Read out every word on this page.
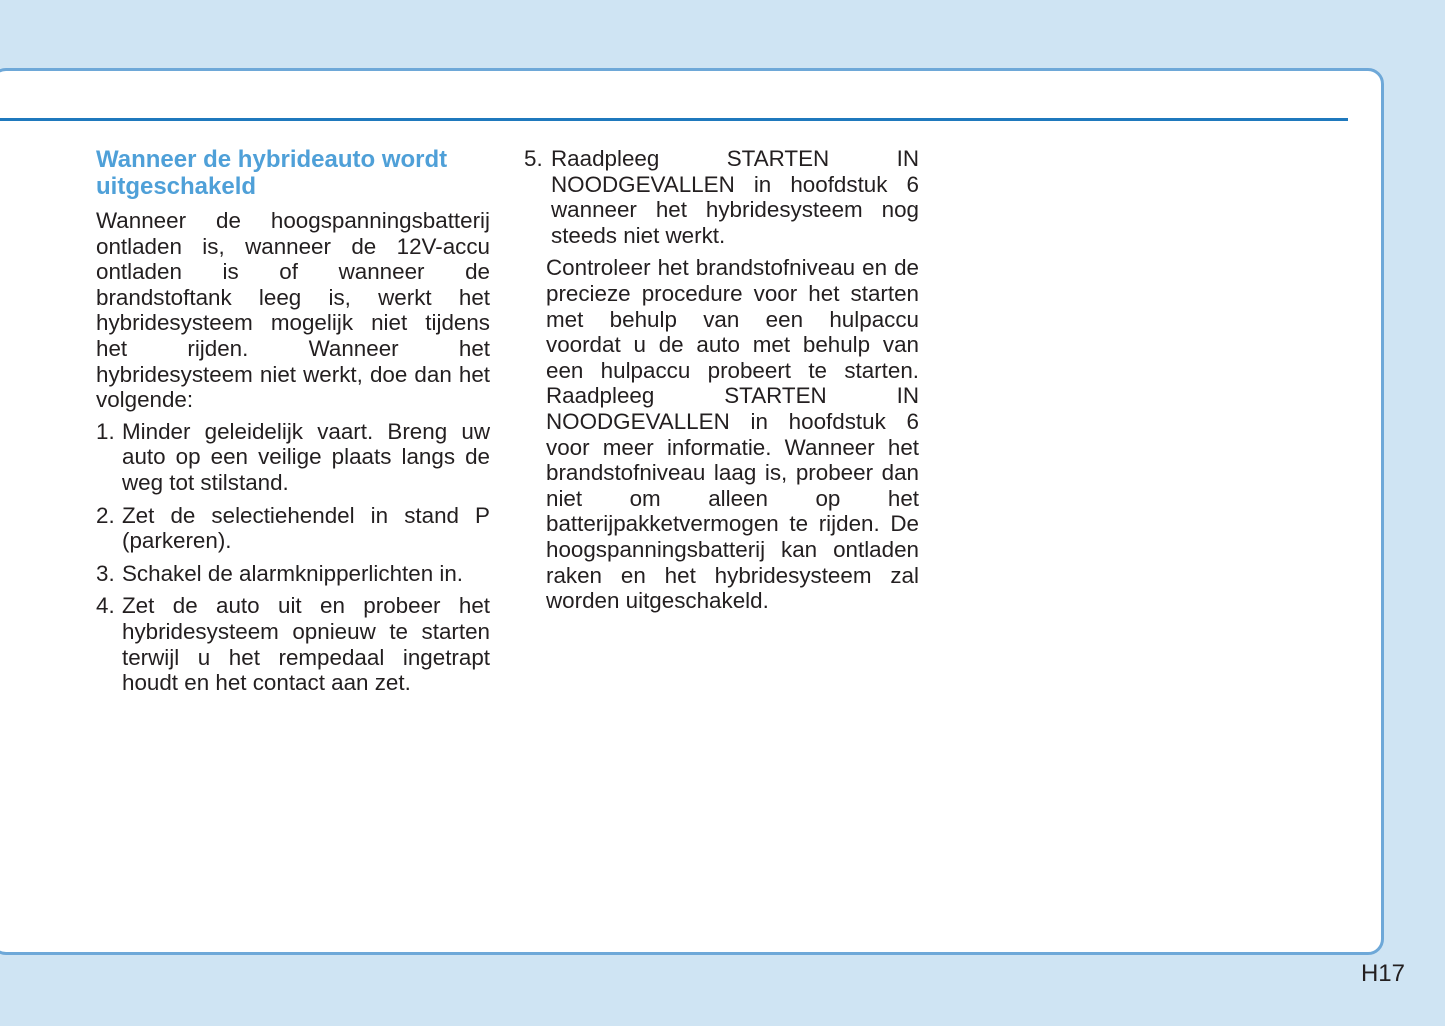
Wanneer de hybrideauto wordt uitgeschakeld

Wanneer de hoogspanningsbatterij ontladen is, wanneer de 12V-accu ontladen is of wanneer de brandstoftank leeg is, werkt het hybridesysteem mogelijk niet tijdens het rijden. Wanneer het hybridesysteem niet werkt, doe dan het volgende:

1. Minder geleidelijk vaart. Breng uw auto op een veilige plaats langs de weg tot stilstand.
2. Zet de selectiehendel in stand P (parkeren).
3. Schakel de alarmknipperlichten in.
4. Zet de auto uit en probeer het hybridesysteem opnieuw te starten terwijl u het rempedaal ingetrapt houdt en het contact aan zet.
5. Raadpleeg STARTEN IN NOODGEVALLEN in hoofdstuk 6 wanneer het hybridesysteem nog steeds niet werkt.

Controleer het brandstofniveau en de precieze procedure voor het starten met behulp van een hulpaccu voordat u de auto met behulp van een hulpaccu probeert te starten. Raadpleeg STARTEN IN NOODGEVALLEN in hoofdstuk 6 voor meer informatie. Wanneer het brandstofniveau laag is, probeer dan niet om alleen op het batterijpakketvermogen te rijden. De hoogspanningsbatterij kan ontladen raken en het hybridesysteem zal worden uitgeschakeld.

H17
